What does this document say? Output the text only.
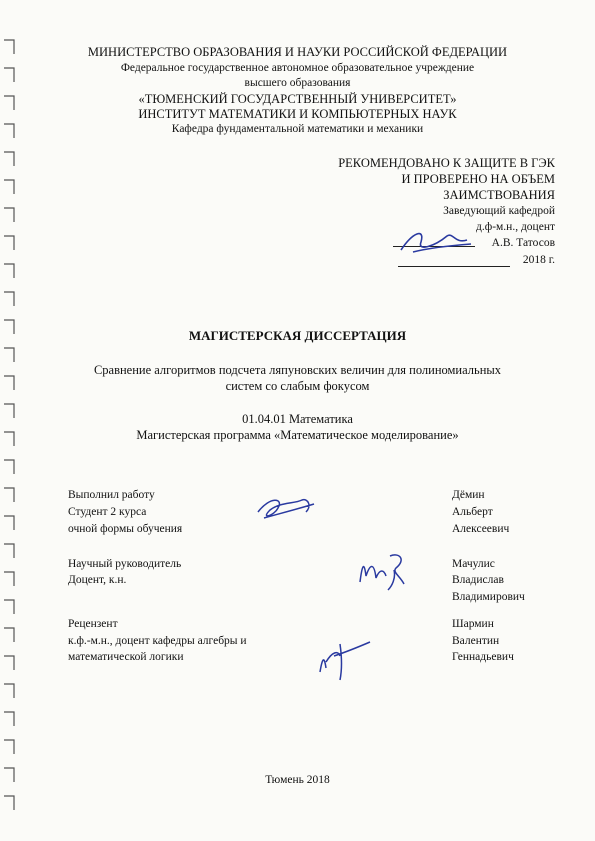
МИНИСТЕРСТВО ОБРАЗОВАНИЯ И НАУКИ РОССИЙСКОЙ ФЕДЕРАЦИИ
Федеральное государственное автономное образовательное учреждение
высшего образования
«ТЮМЕНСКИЙ ГОСУДАРСТВЕННЫЙ УНИВЕРСИТЕТ»
ИНСТИТУТ МАТЕМАТИКИ И КОМПЬЮТЕРНЫХ НАУК
Кафедра фундаментальной математики и механики
РЕКОМЕНДОВАНО К ЗАЩИТЕ В ГЭК
И ПРОВЕРЕНО НА ОБЪЕМ
ЗАИМСТВОВАНИЯ
Заведующий кафедрой
д.ф-м.н., доцент
А.В. Татосов
2018 г.
МАГИСТЕРСКАЯ ДИССЕРТАЦИЯ
Сравнение алгоритмов подсчета ляпуновских величин для полиномиальных
систем со слабым фокусом
01.04.01 Математика
Магистерская программа «Математическое моделирование»
Выполнил работу
Студент 2 курса
очной формы обучения
Дёмин
Альберт
Алексеевич
Научный руководитель
Доцент, к.н.
Мачулис
Владислав
Владимирович
Рецензент
к.ф.-м.н., доцент кафедры алгебры и
математической логики
Шармин
Валентин
Геннадьевич
Тюмень 2018
